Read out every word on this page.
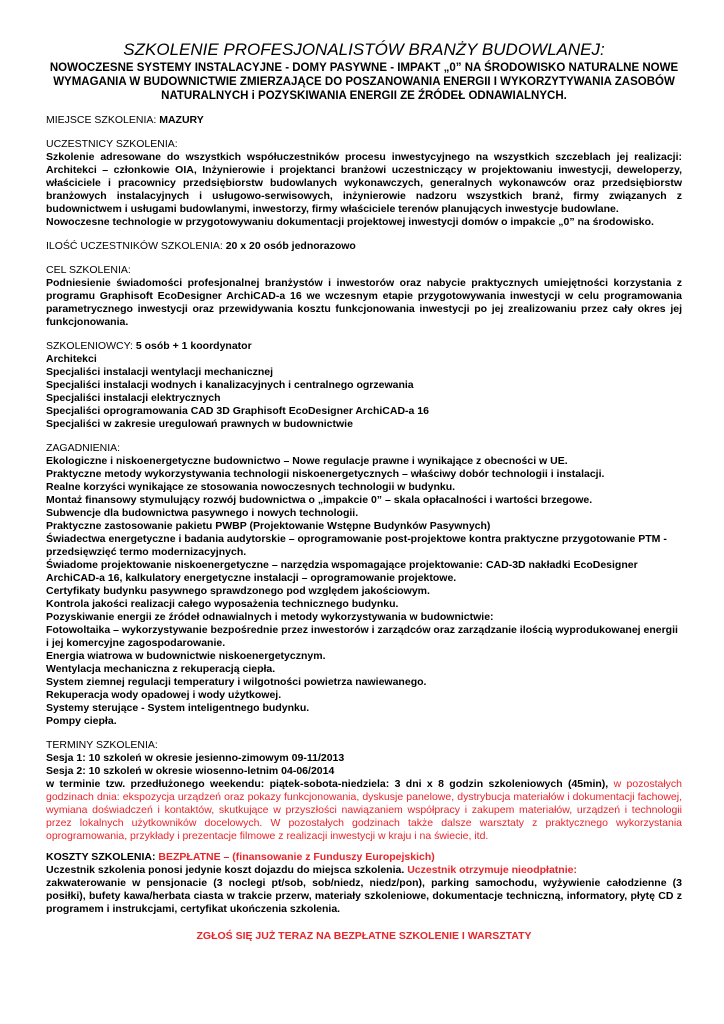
SZKOLENIE PROFESJONALISTÓW BRANŻY BUDOWLANEJ:

NOWOCZESNE SYSTEMY INSTALACYJNE - DOMY PASYWNE - IMPAKT „0” NA ŚRODOWISKO NATURALNE NOWE WYMAGANIA W BUDOWNICTWIE ZMIERZAJĄCE DO POSZANOWANIA ENERGII I WYKORZYTYWANIA ZASOBÓW NATURALNYCH i POZYSKIWANIA ENERGII ZE ŹRÓDEŁ ODNAWIALNYCH.

MIEJSCE SZKOLENIA: MAZURY
UCZESTNICY SZKOLENIA:

Szkolenie adresowane do wszystkich współuczestników procesu inwestycyjnego na wszystkich szczeblach jej realizacji: Architekci – członkowie OIA, Inżynierowie i projektanci branżowi uczestniczący w projektowaniu inwestycji, deweloperzy, właściciele i pracownicy przedsiębiorstw budowlanych wykonawczych, generalnych wykonawców oraz przedsiębiorstw branżowych instalacyjnych i usługowo-serwisowych, inżynierowie nadzoru wszystkich branż, firmy związanych z budownictwem i usługami budowlanymi, inwestorzy, firmy właściciele terenów planujących inwestycje budowlane.

Nowoczesne technologie w przygotowywaniu dokumentacji projektowej inwestycji domów o impakcie „0” na środowisko.

ILOŚĆ UCZESTNIKÓW SZKOLENIA: 20 x 20 osób jednorazowo
CEL SZKOLENIA:

Podniesienie świadomości profesjonalnej branżystów i inwestorów oraz nabycie praktycznych umiejętności korzystania z programu Graphisoft EcoDesigner ArchiCAD-a 16 we wczesnym etapie przygotowywania inwestycji w celu programowania parametrycznego inwestycji oraz przewidywania kosztu funkcjonowania inwestycji po jej zrealizowaniu przez cały okres jej funkcjonowania.

SZKOLENIOWCY: 5 osób + 1 koordynator
Architekci
Specjaliści instalacji wentylacji mechanicznej
Specjaliści instalacji wodnych i kanalizacyjnych i centralnego ogrzewania
Specjaliści instalacji elektrycznych
Specjaliści oprogramowania CAD 3D Graphisoft EcoDesigner ArchiCAD-a 16
Specjaliści w zakresie uregulowań prawnych w budownictwie
ZAGADNIENIA:
Ekologiczne i niskoenergetyczne budownictwo – Nowe regulacje prawne i wynikające z obecności w UE.
Praktyczne metody wykorzystywania technologii niskoenergetycznych – właściwy dobór technologii i instalacji.
Realne korzyści wynikające ze stosowania nowoczesnych technologii w budynku.
Montaż finansowy stymulujący rozwój budownictwa o „impakcie 0” – skala opłacalności i wartości brzegowe.
Subwencje dla budownictwa pasywnego i nowych technologii.
Praktyczne zastosowanie pakietu PWBP (Projektowanie Wstępne Budynków Pasywnych)
Świadectwa energetyczne i badania audytorskie – oprogramowanie post-projektowe kontra praktyczne przygotowanie PTM - przedsięwzięć termo modernizacyjnych.
Świadome projektowanie niskoenergetyczne – narzędzia wspomagające projektowanie: CAD-3D nakładki EcoDesigner ArchiCAD-a 16, kalkulatory energetyczne instalacji – oprogramowanie projektowe.
Certyfikaty budynku pasywnego sprawdzonego pod względem jakościowym.
Kontrola jakości realizacji całego wyposażenia technicznego budynku.
Pozyskiwanie energii ze źródeł odnawialnych i metody wykorzystywania w budownictwie:
Fotowoltaika – wykorzystywanie bezpośrednie przez inwestorów i zarządców oraz zarządzanie ilością wyprodukowanej energii i jej komercyjne zagospodarowanie.
Energia wiatrowa w budownictwie niskoenergetycznym.
Wentylacja mechaniczna z rekuperacją ciepła.
System ziemnej regulacji temperatury i wilgotności powietrza nawiewanego.
Rekuperacja wody opadowej i wody użytkowej.
Systemy sterujące - System inteligentnego budynku.
Pompy ciepła.
TERMINY SZKOLENIA:
Sesja 1: 10 szkoleń w okresie jesienno-zimowym 09-11/2013
Sesja 2: 10 szkoleń w okresie wiosenno-letnim 04-06/2014

w terminie tzw. przedłużonego weekendu: piątek-sobota-niedziela: 3 dni x 8 godzin szkoleniowych (45min), w pozostałych godzinach dnia: ekspozycja urządzeń oraz pokazy funkcjonowania, dyskusje panelowe, dystrybucja materiałów i dokumentacji fachowej, wymiana doświadczeń i kontaktów, skutkujące w przyszłości nawiązaniem współpracy i zakupem materiałów, urządzeń i technologii przez lokalnych użytkowników docelowych. W pozostałych godzinach także dalsze warsztaty z praktycznego wykorzystania oprogramowania, przykłady i prezentacje filmowe z realizacji inwestycji w kraju i na świecie, itd.

KOSZTY SZKOLENIA: BEZPŁATNE – (finansowanie z Funduszy Europejskich)

Uczestnik szkolenia ponosi jedynie koszt dojazdu do miejsca szkolenia. Uczestnik otrzymuje nieodpłatnie:

zakwaterowanie w pensjonacie (3 noclegi pt/sob, sob/niedz, niedz/pon), parking samochodu, wyżywienie całodzienne (3 posiłki), bufety kawa/herbata ciasta w trakcie przerw, materiały szkoleniowe, dokumentacje techniczną, informatory, płytę CD z programem i instrukcjami, certyfikat ukończenia szkolenia.

ZGŁOŚ SIĘ JUŻ TERAZ NA BEZPŁATNE SZKOLENIE I WARSZTATY
